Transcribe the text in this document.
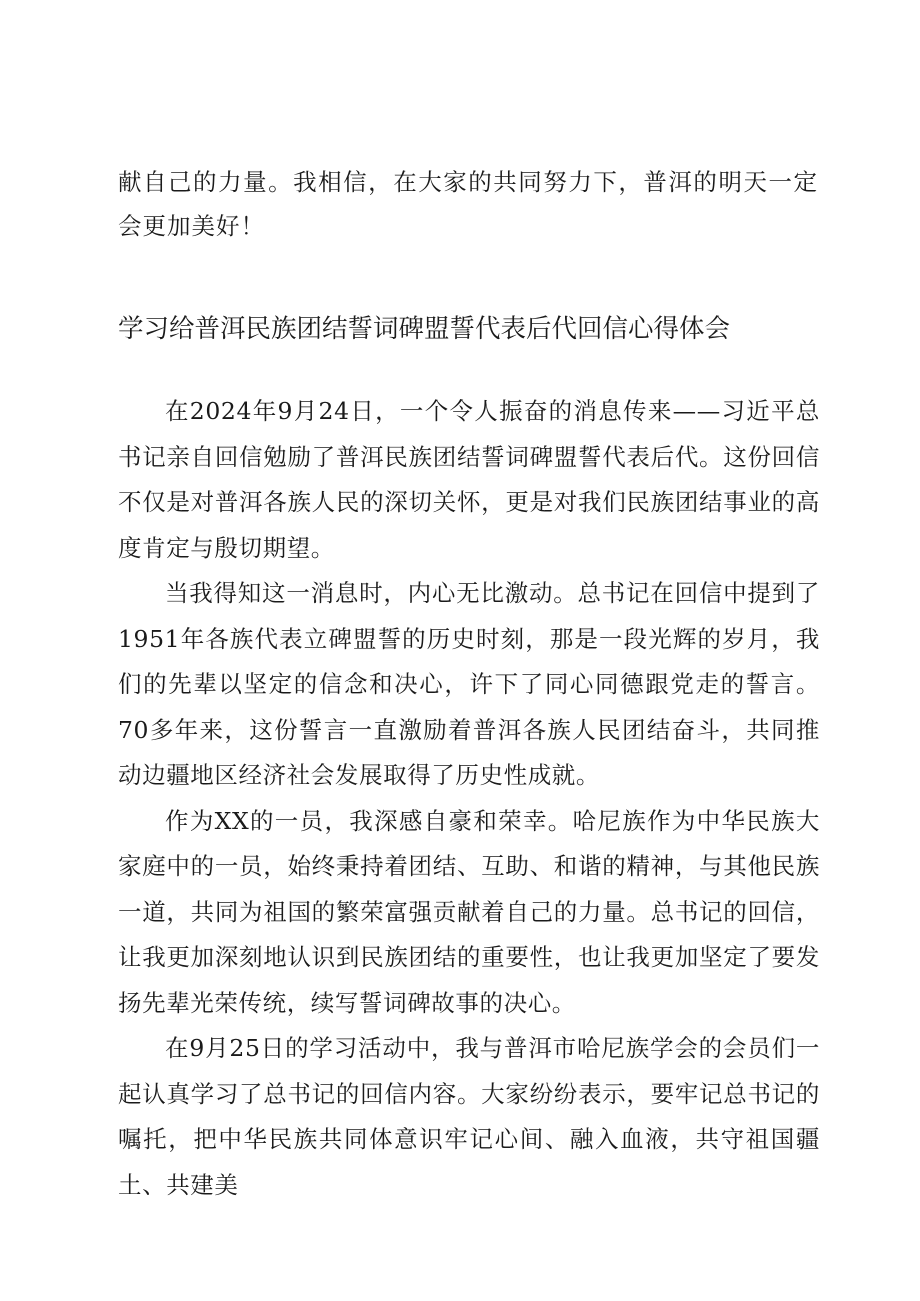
献自己的力量。我相信，在大家的共同努力下，普洱的明天一定会更加美好！
学习给普洱民族团结誓词碑盟誓代表后代回信心得体会

在2024年9月24日，一个令人振奋的消息传来——习近平总书记亲自回信勉励了普洱民族团结誓词碑盟誓代表后代。这份回信不仅是对普洱各族人民的深切关怀，更是对我们民族团结事业的高度肯定与殷切期望。

当我得知这一消息时，内心无比激动。总书记在回信中提到了1951年各族代表立碑盟誓的历史时刻，那是一段光辉的岁月，我们的先辈以坚定的信念和决心，许下了同心同德跟党走的誓言。70多年来，这份誓言一直激励着普洱各族人民团结奋斗，共同推动边疆地区经济社会发展取得了历史性成就。

作为XX的一员，我深感自豪和荣幸。哈尼族作为中华民族大家庭中的一员，始终秉持着团结、互助、和谐的精神，与其他民族一道，共同为祖国的繁荣富强贡献着自己的力量。总书记的回信，让我更加深刻地认识到民族团结的重要性，也让我更加坚定了要发扬先辈光荣传统，续写誓词碑故事的决心。

在9月25日的学习活动中，我与普洱市哈尼族学会的会员们一起认真学习了总书记的回信内容。大家纷纷表示，要牢记总书记的嘱托，把中华民族共同体意识牢记心间、融入血液，共守祖国疆土、共建美
